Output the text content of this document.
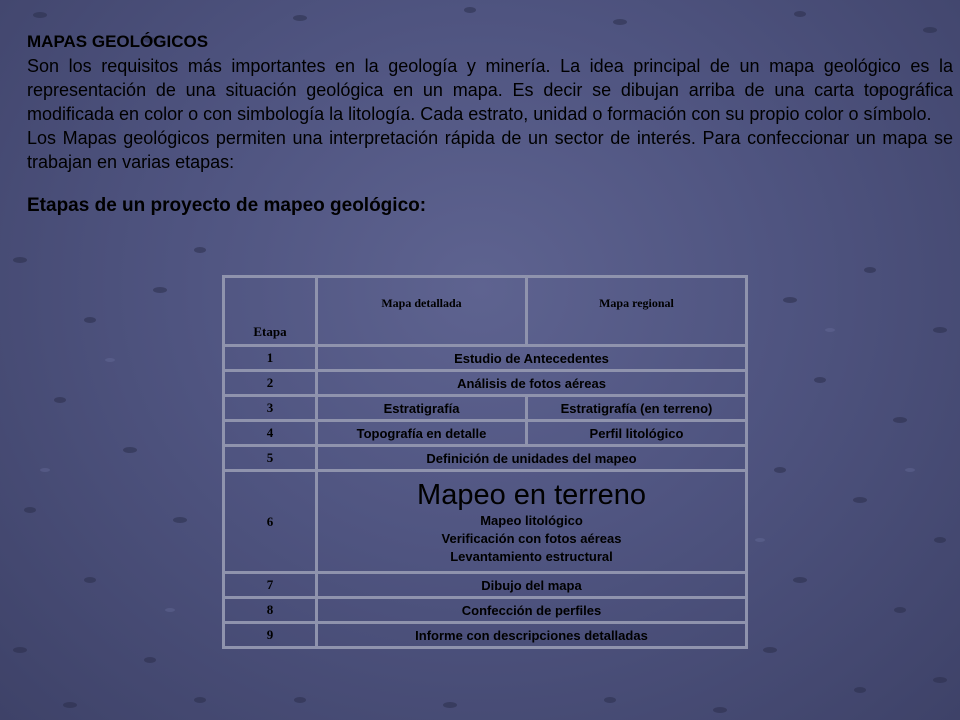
MAPAS GEOLÓGICOS

Son los requisitos más importantes en la geología y minería. La idea principal de un mapa geológico es la representación de una situación geológica en un mapa. Es decir se dibujan arriba de una carta topográfica modificada en color o con simbología la litología. Cada estrato, unidad o formación con su propio color o símbolo.

Los Mapas geológicos permiten una interpretación rápida de un sector de interés. Para confeccionar un mapa se trabajan en varias etapas:

Etapas de un proyecto de mapeo geológico:

Etapa	Mapa detallada	Mapa regional
1	Estudio de Antecedentes	
2	Análisis de fotos aéreas	
3	Estratigrafía	Estratigrafía (en terreno)
4	Topografía en detalle	Perfil litológico
5	Definición de unidades del mapeo	
6	Mapeo en terreno
Mapeo litológico
Verificación con fotos aéreas
Levantamiento estructural	

7	Dibujo del mapa	
8	Confección de perfiles	
9	Informe con descripciones detalladas	
